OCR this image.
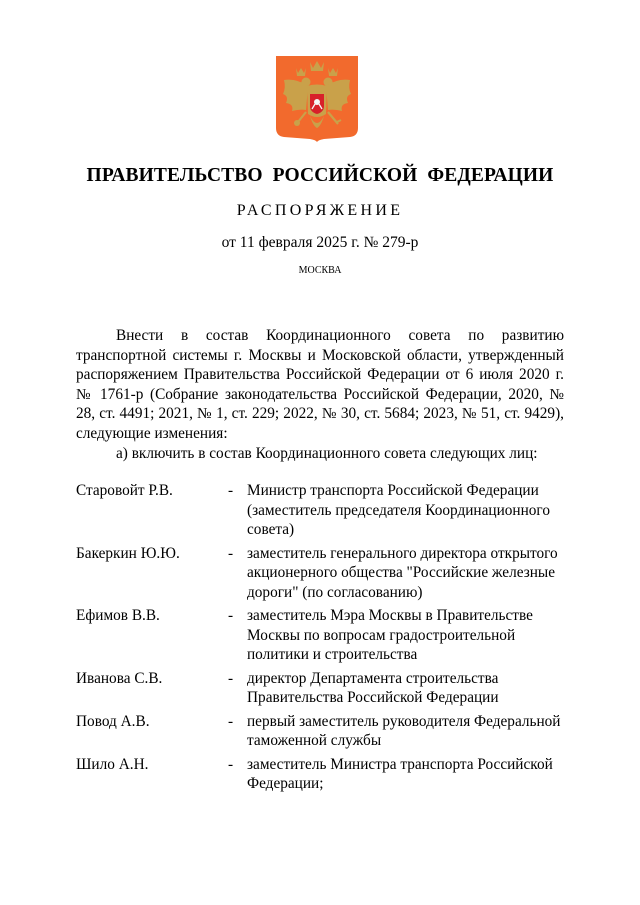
ПРАВИТЕЛЬСТВО РОССИЙСКОЙ ФЕДЕРАЦИИ
РАСПОРЯЖЕНИЕ
от 11 февраля 2025 г. № 279-р
МОСКВА

Внести в состав Координационного совета по развитию транспортной системы г. Москвы и Московской области, утвержденный распоряжением Правительства Российской Федерации от 6 июля 2020 г. № 1761-р (Собрание законодательства Российской Федерации, 2020, № 28, ст. 4491; 2021, № 1, ст. 229; 2022, № 30, ст. 5684; 2023, № 51, ст. 9429), следующие изменения:

а) включить в состав Координационного совета следующих лиц:

Старовойт Р.В.	- Министр транспорта Российской Федерации (заместитель председателя Координационного совета)
Бакеркин Ю.Ю.	- заместитель генерального директора открытого акционерного общества "Российские железные дороги" (по согласованию)
Ефимов В.В.	- заместитель Мэра Москвы в Правительстве Москвы по вопросам градостроительной политики и строительства
Иванова С.В.	- директор Департамента строительства Правительства Российской Федерации
Повод А.В.	- первый заместитель руководителя Федеральной таможенной службы
Шило А.Н.	- заместитель Министра транспорта Российской Федерации;
